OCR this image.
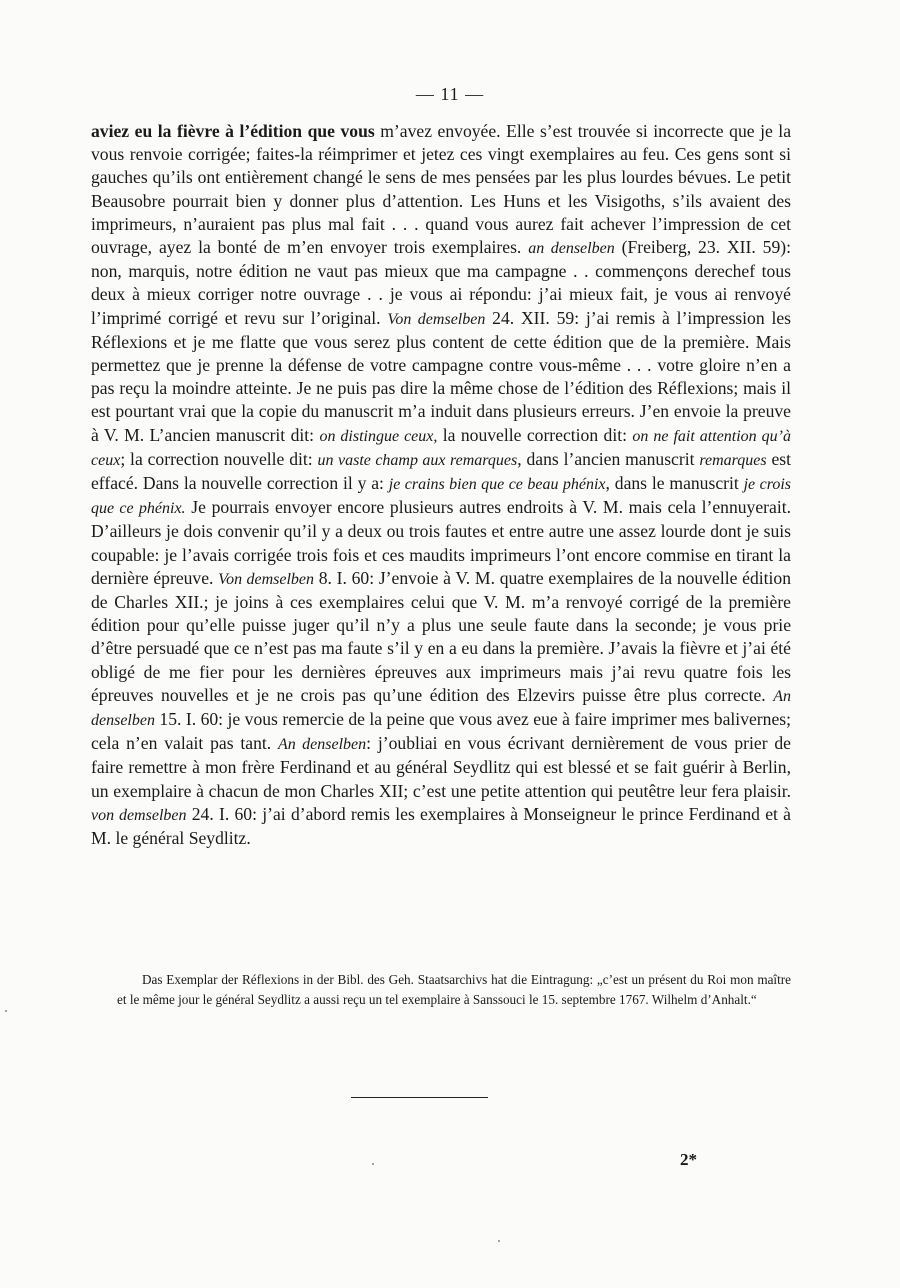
— 11 —

aviez eu la fièvre à l’édition que vous m’avez envoyée. Elle s’est trouvée si incorrecte que je la vous renvoie corrigée; faites-la réimprimer et jetez ces vingt exemplaires au feu. Ces gens sont si gauches qu’ils ont entièrement changé le sens de mes pensées par les plus lourdes bévues. Le petit Beausobre pourrait bien y donner plus d’attention. Les Huns et les Visigoths, s’ils avaient des imprimeurs, n’auraient pas plus mal fait . . . quand vous aurez fait achever l’impression de cet ouvrage, ayez la bonté de m’en envoyer trois exemplaires. an denselben (Freiberg, 23. XII. 59): non, marquis, notre édition ne vaut pas mieux que ma campagne . . commençons derechef tous deux à mieux corriger notre ouvrage . . je vous ai répondu: j’ai mieux fait, je vous ai renvoyé l’imprimé corrigé et revu sur l’original. Von demselben 24. XII. 59: j’ai remis à l’impression les Réflexions et je me flatte que vous serez plus content de cette édition que de la première. Mais permettez que je prenne la défense de votre campagne contre vous-même . . . votre gloire n’en a pas reçu la moindre atteinte. Je ne puis pas dire la même chose de l’édition des Réflexions; mais il est pourtant vrai que la copie du manuscrit m’a induit dans plusieurs erreurs. J’en envoie la preuve à V. M. L’ancien manuscrit dit: on distingue ceux, la nouvelle correction dit: on ne fait attention qu’à ceux; la correction nouvelle dit: un vaste champ aux remarques, dans l’ancien manuscrit remarques est effacé. Dans la nouvelle correction il y a: je crains bien que ce beau phénix, dans le manuscrit je crois que ce phénix. Je pourrais envoyer encore plusieurs autres endroits à V. M. mais cela l’ennuyerait. D’ailleurs je dois convenir qu’il y a deux ou trois fautes et entre autre une assez lourde dont je suis coupable: je l’avais corrigée trois fois et ces maudits imprimeurs l’ont encore commise en tirant la dernière épreuve. Von demselben 8. I. 60: J’envoie à V. M. quatre exemplaires de la nouvelle édition de Charles XII.; je joins à ces exemplaires celui que V. M. m’a renvoyé corrigé de la première édition pour qu’elle puisse juger qu’il n’y a plus une seule faute dans la seconde; je vous prie d’être persuadé que ce n’est pas ma faute s’il y en a eu dans la première. J’avais la fièvre et j’ai été obligé de me fier pour les dernières épreuves aux imprimeurs mais j’ai revu quatre fois les épreuves nouvelles et je ne crois pas qu’une édition des Elzevirs puisse être plus correcte. An denselben 15. I. 60: je vous remercie de la peine que vous avez eue à faire imprimer mes balivernes; cela n’en valait pas tant. An denselben: j’oubliai en vous écrivant dernièrement de vous prier de faire remettre à mon frère Ferdinand et au général Seydlitz qui est blessé et se fait guérir à Berlin, un exemplaire à chacun de mon Charles XII; c’est une petite attention qui peutêtre leur fera plaisir. von demselben 24. I. 60: j’ai d’abord remis les exemplaires à Monseigneur le prince Ferdinand et à M. le général Seydlitz.

Das Exemplar der Réflexions in der Bibl. des Geh. Staatsarchivs hat die Eintragung: „c’est un présent du Roi mon maître et le même jour le général Seydlitz a aussi reçu un tel exemplaire à Sanssouci le 15. septembre 1767. Wilhelm d’Anhalt.“

2*
